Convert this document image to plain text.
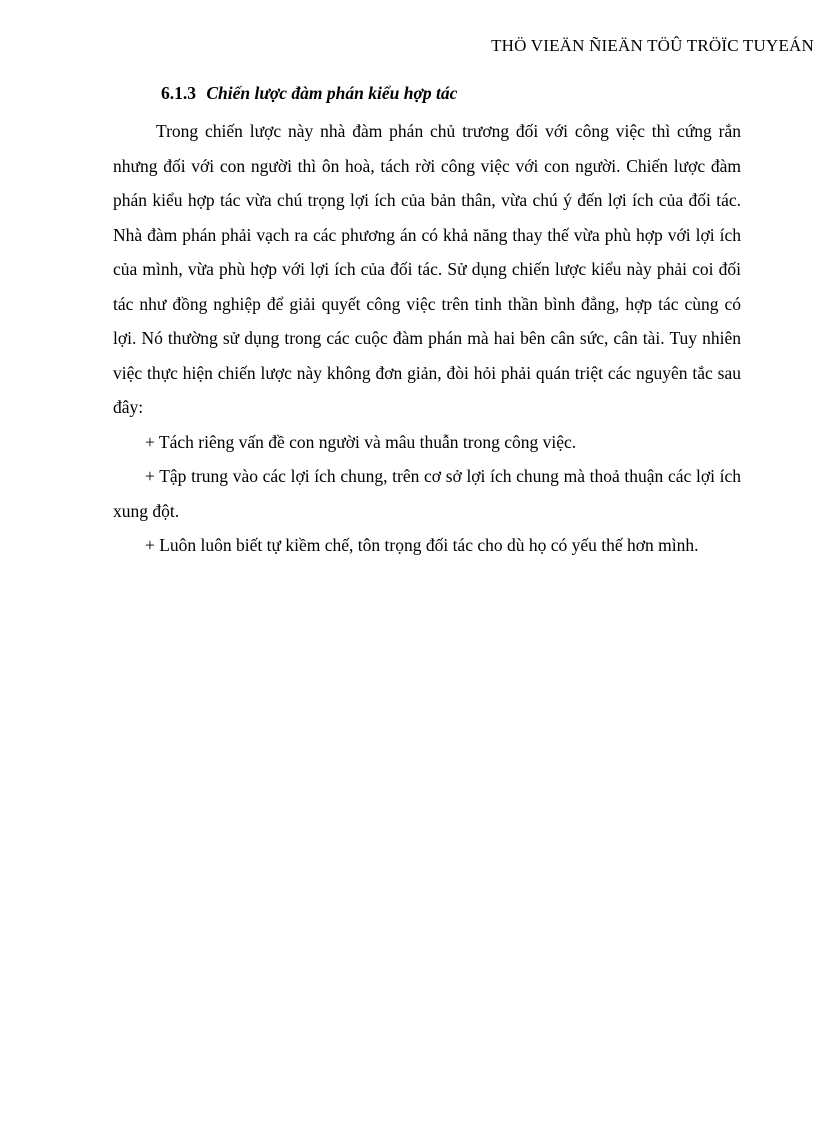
THÖ VIEÄN ÑIEÄN TÖÛ TRÖÏC TUYEÁN
6.1.3 Chiến lược đàm phán kiểu hợp tác

Trong chiến lược này nhà đàm phán chủ trương đối với công việc thì cứng rắn nhưng đối với con người thì ôn hoà, tách rời công việc với con người. Chiến lược đàm phán kiểu hợp tác vừa chú trọng lợi ích của bản thân, vừa chú ý đến lợi ích của đối tác. Nhà đàm phán phải vạch ra các phương án có khả năng thay thế vừa phù hợp với lợi ích của mình, vừa phù hợp với lợi ích của đối tác. Sử dụng chiến lược kiểu này phải coi đối tác như đồng nghiệp để giải quyết công việc trên tinh thần bình đẳng, hợp tác cùng có lợi. Nó thường sử dụng trong các cuộc đàm phán mà hai bên cân sức, cân tài. Tuy nhiên việc thực hiện chiến lược này không đơn giản, đòi hỏi phải quán triệt các nguyên tắc sau đây:

+ Tách riêng vấn đề con người và mâu thuẫn trong công việc.

+ Tập trung vào các lợi ích chung, trên cơ sở lợi ích chung mà thoả thuận các lợi ích xung đột.

+ Luôn luôn biết tự kiềm chế, tôn trọng đối tác cho dù họ có yếu thế hơn mình.
